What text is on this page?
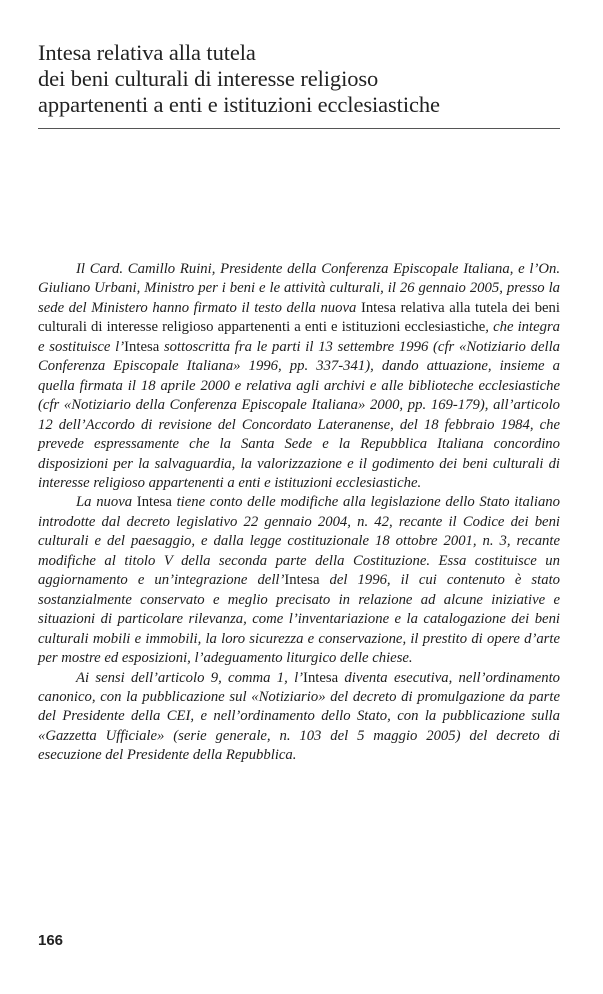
Intesa relativa alla tutela
dei beni culturali di interesse religioso
appartenenti a enti e istituzioni ecclesiastiche

Il Card. Camillo Ruini, Presidente della Conferenza Episcopale Italiana, e l’On. Giuliano Urbani, Ministro per i beni e le attività culturali, il 26 gennaio 2005, presso la sede del Ministero hanno firmato il testo della nuova Intesa relativa alla tutela dei beni culturali di interesse religioso appartenenti a enti e istituzioni ecclesiastiche, che integra e sostituisce l’Intesa sottoscritta fra le parti il 13 settembre 1996 (cfr «Notiziario della Conferenza Episcopale Italiana» 1996, pp. 337-341), dando attuazione, insieme a quella firmata il 18 aprile 2000 e relativa agli archivi e alle biblioteche ecclesiastiche (cfr «Notiziario della Conferenza Episcopale Italiana» 2000, pp. 169-179), all’articolo 12 dell’Accordo di revisione del Concordato Lateranense, del 18 febbraio 1984, che prevede espressamente che la Santa Sede e la Repubblica Italiana concordino disposizioni per la salvaguardia, la valorizzazione e il godimento dei beni culturali di interesse religioso appartenenti a enti e istituzioni ecclesiastiche.

La nuova Intesa tiene conto delle modifiche alla legislazione dello Stato italiano introdotte dal decreto legislativo 22 gennaio 2004, n. 42, recante il Codice dei beni culturali e del paesaggio, e dalla legge costituzionale 18 ottobre 2001, n. 3, recante modifiche al titolo V della seconda parte della Costituzione. Essa costituisce un aggiornamento e un’integrazione dell’Intesa del 1996, il cui contenuto è stato sostanzialmente conservato e meglio precisato in relazione ad alcune iniziative e situazioni di particolare rilevanza, come l’inventariazione e la catalogazione dei beni culturali mobili e immobili, la loro sicurezza e conservazione, il prestito di opere d’arte per mostre ed esposizioni, l’adeguamento liturgico delle chiese.

Ai sensi dell’articolo 9, comma 1, l’Intesa diventa esecutiva, nell’ordinamento canonico, con la pubblicazione sul «Notiziario» del decreto di promulgazione da parte del Presidente della CEI, e nell’ordinamento dello Stato, con la pubblicazione sulla «Gazzetta Ufficiale» (serie generale, n. 103 del 5 maggio 2005) del decreto di esecuzione del Presidente della Repubblica.

166
